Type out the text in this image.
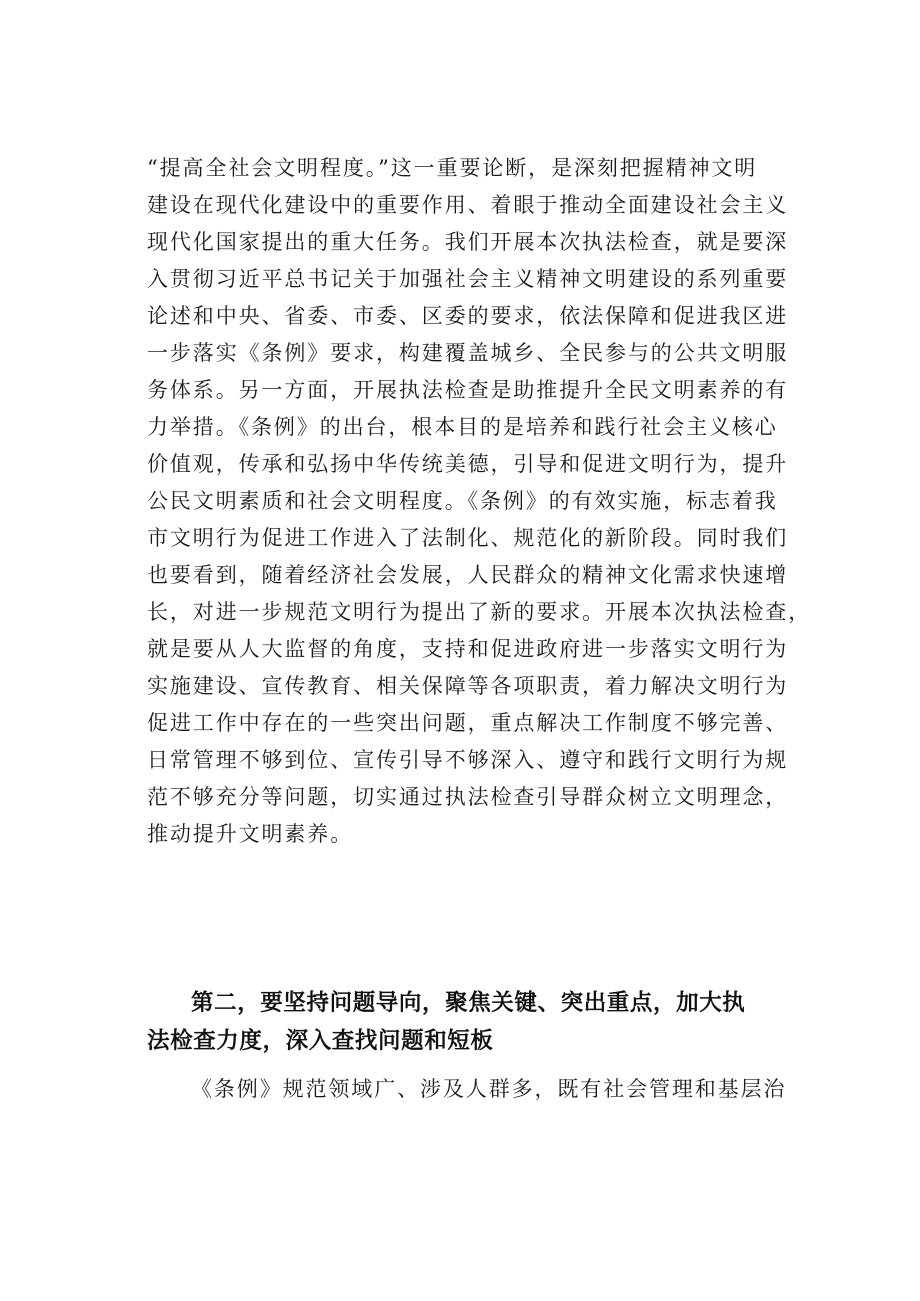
“提高全社会文明程度。”这一重要论断，是深刻把握精神文明
建设在现代化建设中的重要作用、着眼于推动全面建设社会主义
现代化国家提出的重大任务。我们开展本次执法检查，就是要深
入贯彻习近平总书记关于加强社会主义精神文明建设的系列重要
论述和中央、省委、市委、区委的要求，依法保障和促进我区进
一步落实《条例》要求，构建覆盖城乡、全民参与的公共文明服
务体系。另一方面，开展执法检查是助推提升全民文明素养的有
力举措。《条例》的出台，根本目的是培养和践行社会主义核心
价值观，传承和弘扬中华传统美德，引导和促进文明行为，提升
公民文明素质和社会文明程度。《条例》的有效实施，标志着我
市文明行为促进工作进入了法制化、规范化的新阶段。同时我们
也要看到，随着经济社会发展，人民群众的精神文化需求快速增
长，对进一步规范文明行为提出了新的要求。开展本次执法检查，
就是要从人大监督的角度，支持和促进政府进一步落实文明行为
实施建设、宣传教育、相关保障等各项职责，着力解决文明行为
促进工作中存在的一些突出问题，重点解决工作制度不够完善、
日常管理不够到位、宣传引导不够深入、遵守和践行文明行为规
范不够充分等问题，切实通过执法检查引导群众树立文明理念，
推动提升文明素养。
第二，要坚持问题导向，聚焦关键、突出重点，加大执
法检查力度，深入查找问题和短板
《条例》规范领域广、涉及人群多，既有社会管理和基层治
